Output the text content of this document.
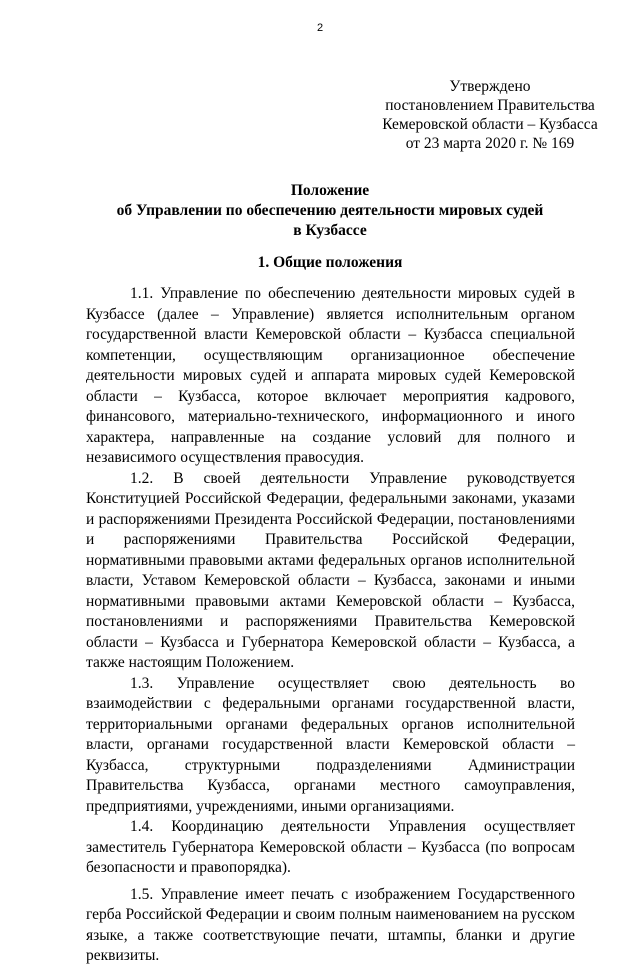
2
Утверждено
постановлением Правительства
Кемеровской области – Кузбасса
от 23 марта 2020 г. № 169
Положение
об Управлении по обеспечению деятельности мировых судей
в Кузбассе
1. Общие положения

1.1. Управление по обеспечению деятельности мировых судей в Кузбассе (далее – Управление) является исполнительным органом государственной власти Кемеровской области – Кузбасса специальной компетенции, осуществляющим организационное обеспечение деятельности мировых судей и аппарата мировых судей Кемеровской области – Кузбасса, которое включает мероприятия кадрового, финансового, материально-технического, информационного и иного характера, направленные на создание условий для полного и независимого осуществления правосудия.

1.2. В своей деятельности Управление руководствуется Конституцией Российской Федерации, федеральными законами, указами и распоряжениями Президента Российской Федерации, постановлениями и распоряжениями Правительства Российской Федерации, нормативными правовыми актами федеральных органов исполнительной власти, Уставом Кемеровской области – Кузбасса, законами и иными нормативными правовыми актами Кемеровской области – Кузбасса, постановлениями и распоряжениями Правительства Кемеровской области – Кузбасса и Губернатора Кемеровской области – Кузбасса, а также настоящим Положением.

1.3. Управление осуществляет свою деятельность во взаимодействии с федеральными органами государственной власти, территориальными органами федеральных органов исполнительной власти, органами государственной власти Кемеровской области – Кузбасса, структурными подразделениями Администрации Правительства Кузбасса, органами местного самоуправления, предприятиями, учреждениями, иными организациями.

1.4. Координацию деятельности Управления осуществляет заместитель Губернатора Кемеровской области – Кузбасса (по вопросам безопасности и правопорядка).

1.5. Управление имеет печать с изображением Государственного герба Российской Федерации и своим полным наименованием на русском языке, а также соответствующие печати, штампы, бланки и другие реквизиты.
